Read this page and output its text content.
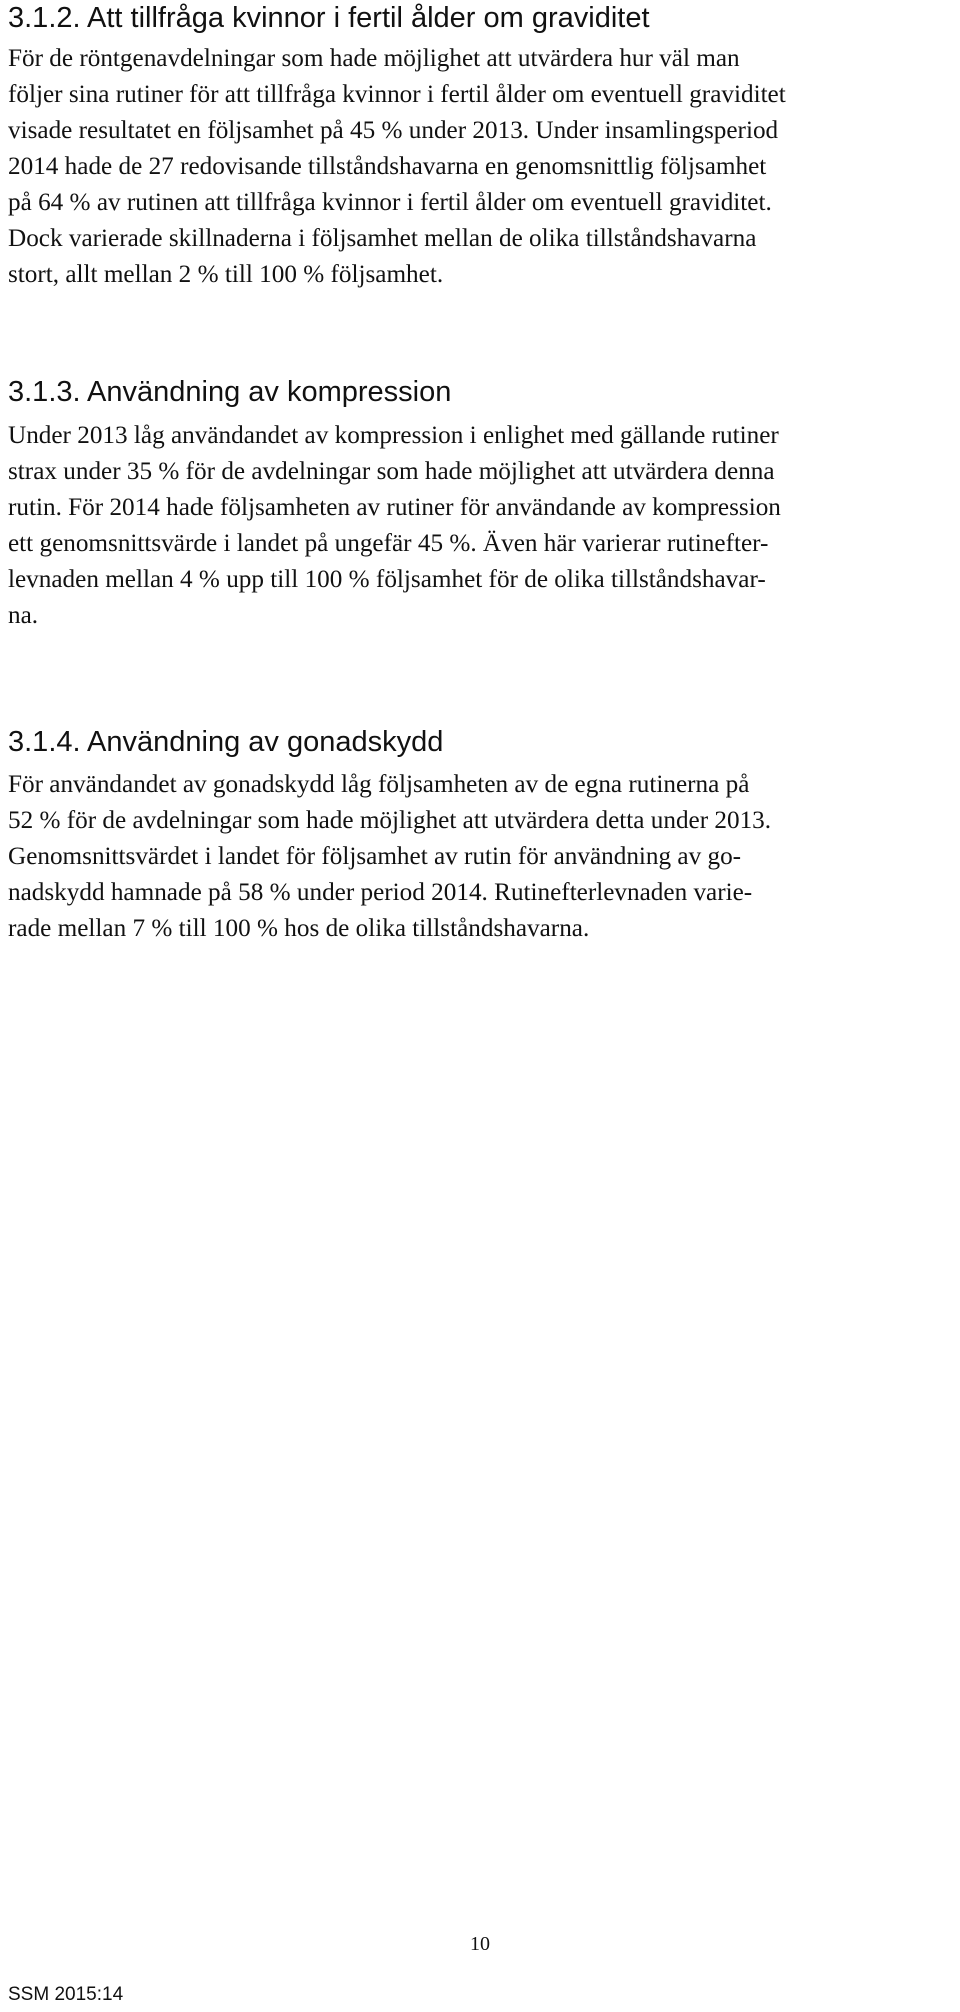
3.1.2. Att tillfråga kvinnor i fertil ålder om graviditet

För de röntgenavdelningar som hade möjlighet att utvärdera hur väl man
följer sina rutiner för att tillfråga kvinnor i fertil ålder om eventuell graviditet
visade resultatet en följsamhet på 45 % under 2013. Under insamlingsperiod
2014 hade de 27 redovisande tillståndshavarna en genomsnittlig följsamhet
på 64 % av rutinen att tillfråga kvinnor i fertil ålder om eventuell graviditet.
Dock varierade skillnaderna i följsamhet mellan de olika tillståndshavarna
stort, allt mellan 2 % till 100 % följsamhet.

3.1.3. Användning av kompression

Under 2013 låg användandet av kompression i enlighet med gällande rutiner
strax under 35 % för de avdelningar som hade möjlighet att utvärdera denna
rutin. För 2014 hade följsamheten av rutiner för användande av kompression
ett genomsnittsvärde i landet på ungefär 45 %. Även här varierar rutinefter-
levnaden mellan 4 % upp till 100 % följsamhet för de olika tillståndshavar-
na.

3.1.4. Användning av gonadskydd

För användandet av gonadskydd låg följsamheten av de egna rutinerna på
52 % för de avdelningar som hade möjlighet att utvärdera detta under 2013.
Genomsnittsvärdet i landet för följsamhet av rutin för användning av go-
nadskydd hamnade på 58 % under period 2014. Rutinefterlevnaden varie-
rade mellan 7 % till 100 % hos de olika tillståndshavarna.

10
SSM 2015:14
